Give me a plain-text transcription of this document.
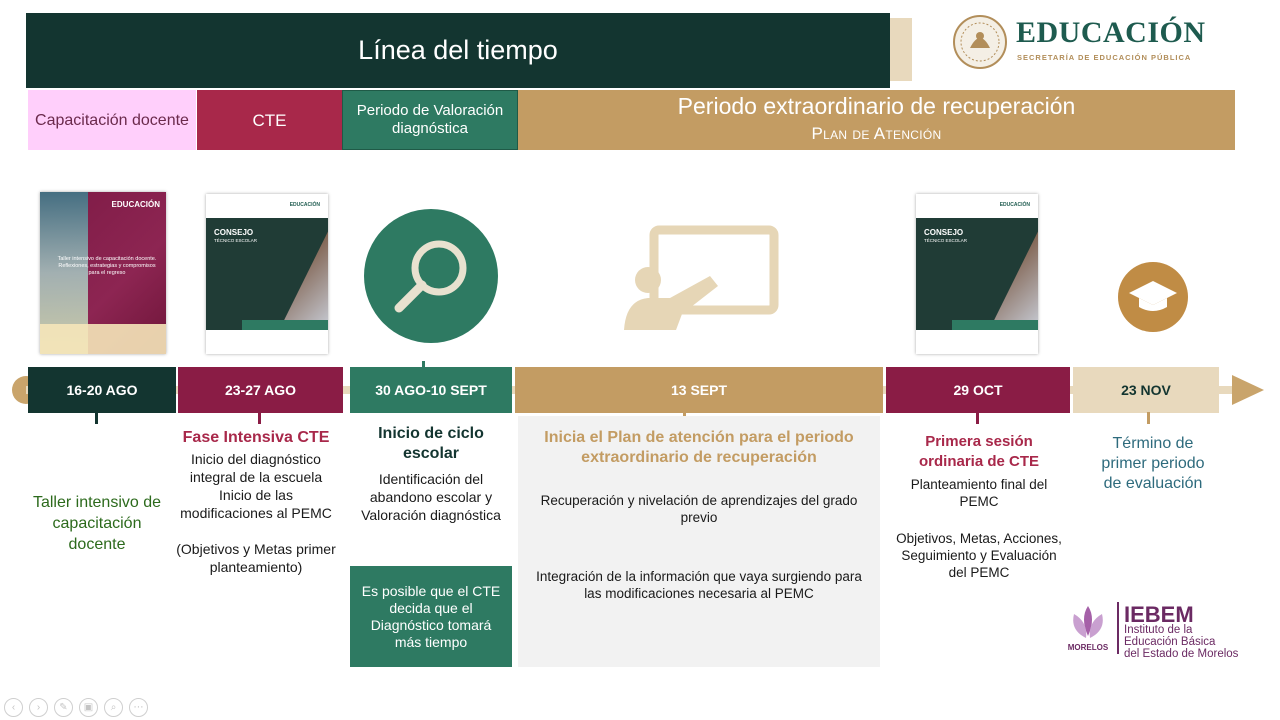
Línea del tiempo
EDUCACIÓN
SECRETARÍA DE EDUCACIÓN PÚBLICA
Capacitación docente	CTE	Periodo de Valoración diagnóstica
Periodo extraordinario de recuperación
Plan de Atención
EDUCACIÓN
Taller intensivo de capacitación docente. Reflexiones, estrategias y compromisos para el regreso
EDUCACIÓN
CONSEJO
TÉCNICO ESCOLAR
EDUCACIÓN
CONSEJO
TÉCNICO ESCOLAR
16-20 AGO	23-27 AGO	30 AGO-10 SEPT	13 SEPT	29 OCT	23 NOV
Taller intensivo de capacitación docente
Fase Intensiva CTE
Inicio del diagnóstico integral de la escuela Inicio de las modificaciones al PEMC
(Objetivos y Metas primer planteamiento)
Inicio de ciclo escolar
Identificación del abandono escolar y Valoración diagnóstica
Es posible que el CTE decida que el Diagnóstico tomará más tiempo
Inicia el Plan de atención para el periodo extraordinario de recuperación
Recuperación y nivelación de aprendizajes del grado previo
Integración de la información que vaya surgiendo para las modificaciones necesaria al PEMC
Primera sesión ordinaria de CTE
Planteamiento final del PEMC
Objetivos, Metas, Acciones, Seguimiento y Evaluación del PEMC
Término de primer periodo de evaluación
MORELOS
IEBEM
Instituto de la
Educación Básica
del Estado de Morelos
‹	›	✎	▣	⌕	⋯
